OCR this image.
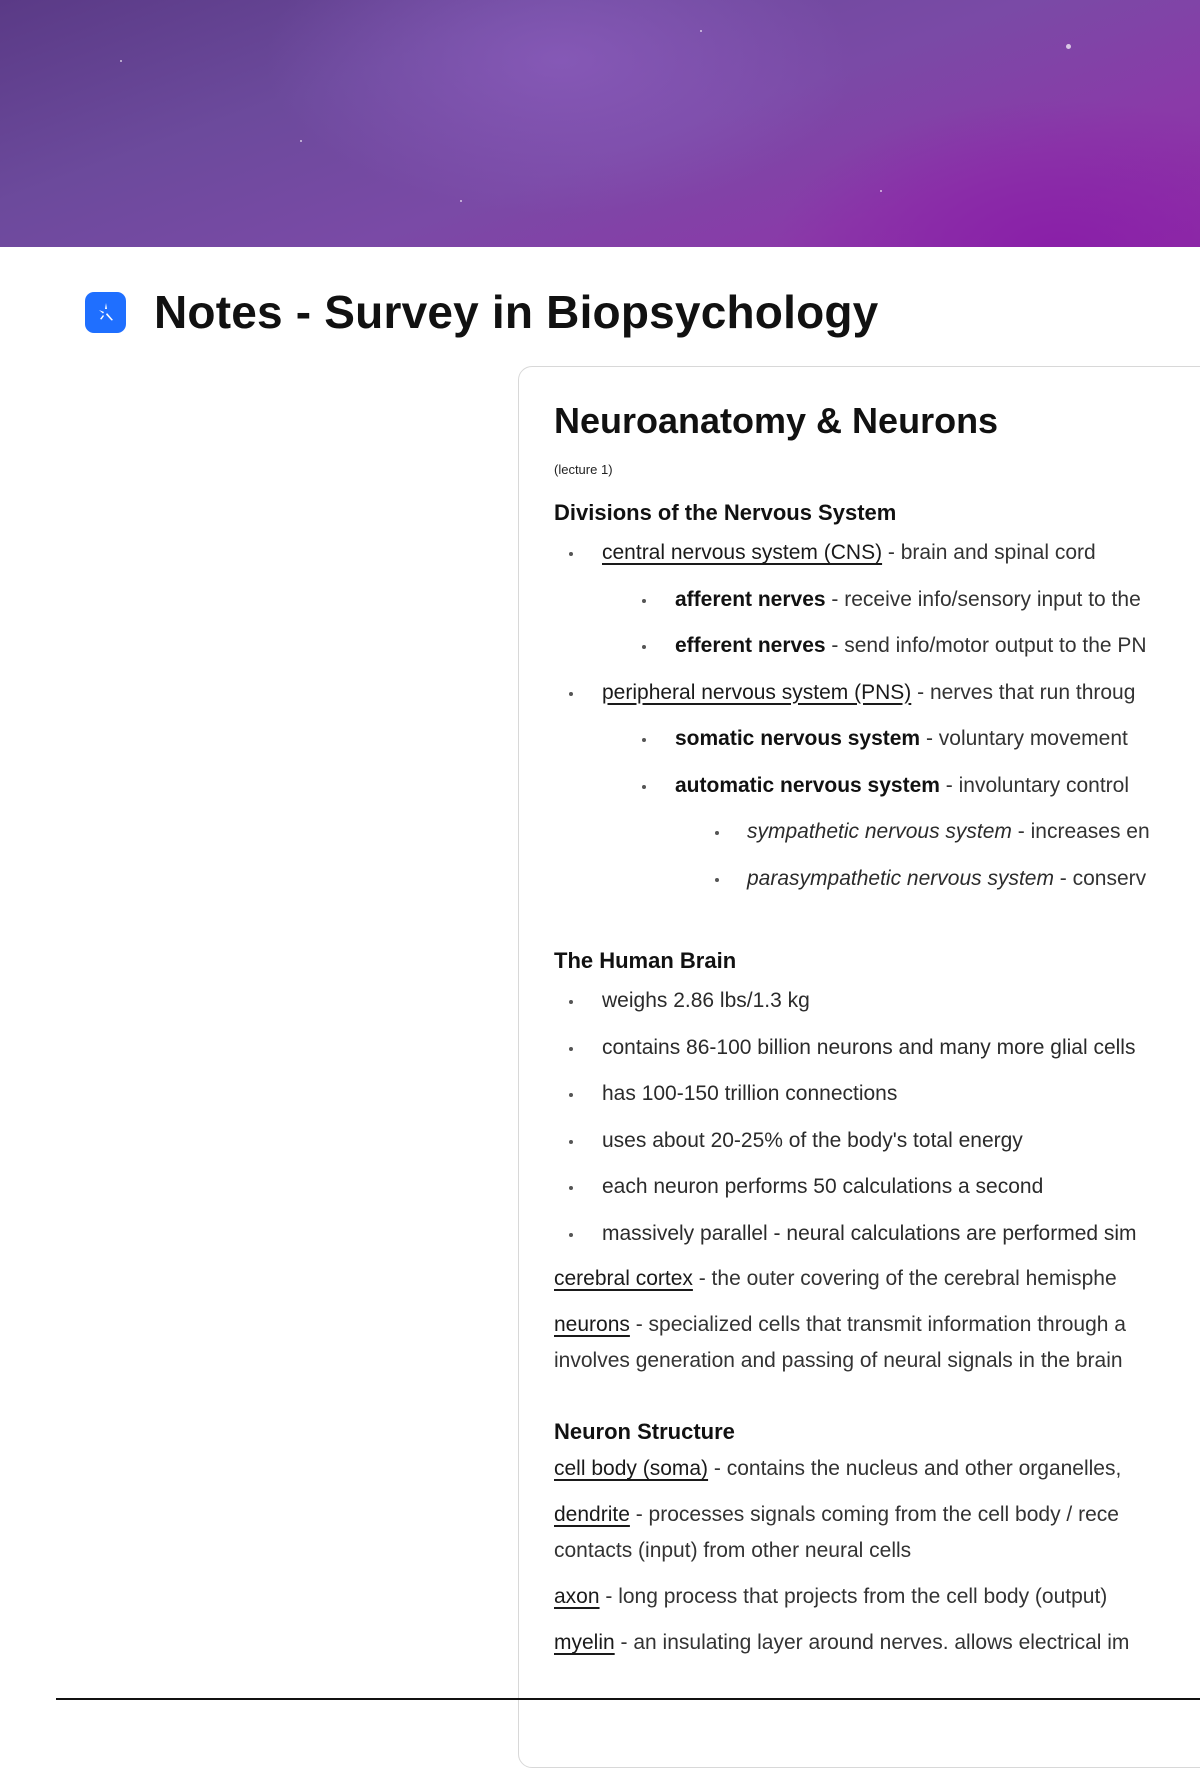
Notes - Survey in Biopsychology
Neuroanatomy & Neurons
(lecture 1)
Divisions of the Nervous System
central nervous system (CNS) - brain and spinal cord
afferent nerves - receive info/sensory input to the
efferent nerves - send info/motor output to the PN
peripheral nervous system (PNS) - nerves that run throug
somatic nervous system - voluntary movement
automatic nervous system - involuntary control
sympathetic nervous system - increases en
parasympathetic nervous system - conserv
The Human Brain
weighs 2.86 lbs/1.3 kg
contains 86-100 billion neurons and many more glial cells
has 100-150 trillion connections
uses about 20-25% of the body's total energy
each neuron performs 50 calculations a second
massively parallel - neural calculations are performed sim
cerebral cortex - the outer covering of the cerebral hemisphe
neurons - specialized cells that transmit information through a
involves generation and passing of neural signals in the brain
Neuron Structure
cell body (soma) - contains the nucleus and other organelles,
dendrite - processes signals coming from the cell body / rece
contacts (input) from other neural cells
axon - long process that projects from the cell body (output)
myelin - an insulating layer around nerves. allows electrical im
